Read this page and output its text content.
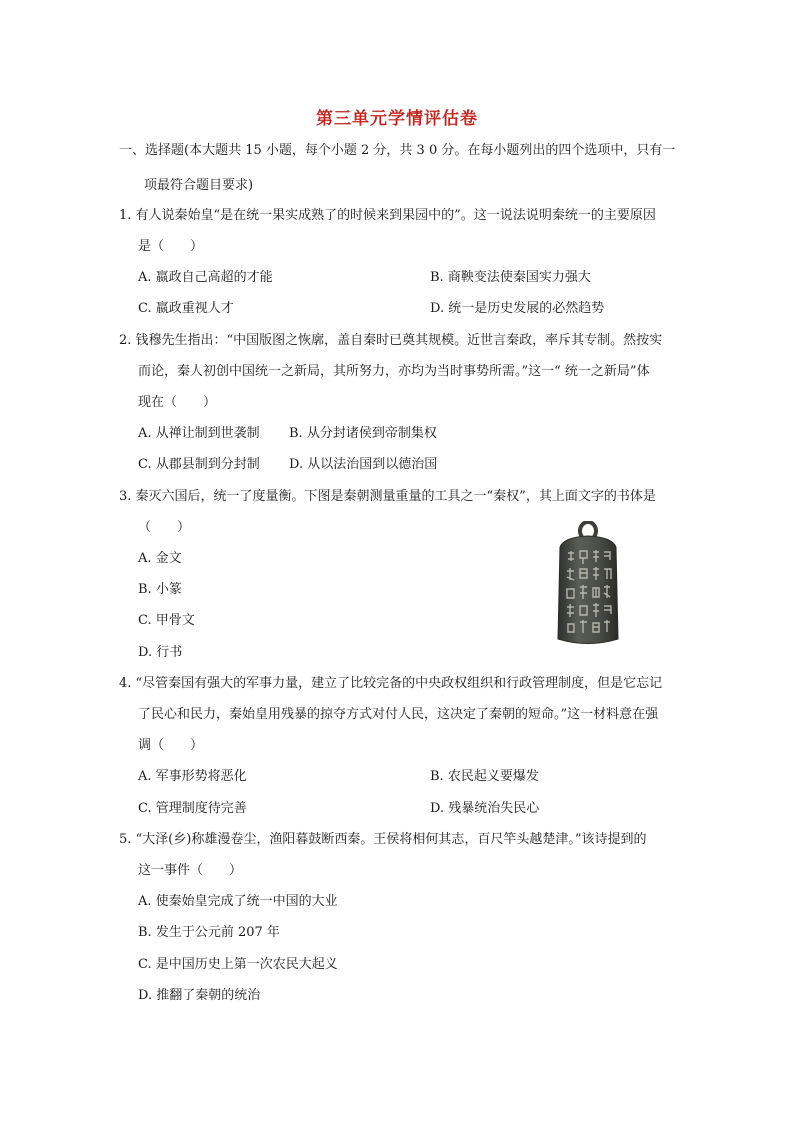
第三单元学情评估卷
一、选择题(本大题共 15 小题，每个小题 2 分，共 3 0 分。在每小题列出的四个选项中，只有一
项最符合题目要求)
1. 有人说秦始皇“是在统一果实成熟了的时候来到果园中的”。这一说法说明秦统一的主要原因
是（　　）
A. 嬴政自己高超的才能	B. 商鞅变法使秦国实力强大
C. 嬴政重视人才	D. 统一是历史发展的必然趋势
2. 钱穆先生指出：“中国版图之恢廓，盖自秦时已奠其规模。近世言秦政，率斥其专制。然按实
而论，秦人初创中国统一之新局，其所努力，亦均为当时事势所需。”这一“ 统一之新局”体
现在（　　）
A. 从禅让制到世袭制 B. 从分封诸侯到帝制集权
C. 从郡县制到分封制 D. 从以法治国到以德治国
3. 秦灭六国后，统一了度量衡。下图是秦朝测量重量的工具之一“秦权”，其上面文字的书体是
（　　）
A. 金文
B. 小篆
C. 甲骨文
D. 行书
4. “尽管秦国有强大的军事力量，建立了比较完备的中央政权组织和行政管理制度，但是它忘记
了民心和民力，秦始皇用残暴的掠夺方式对付人民，这决定了秦朝的短命。”这一材料意在强
调（　　）
A. 军事形势将恶化	B. 农民起义要爆发
C. 管理制度待完善	D. 残暴统治失民心
5. “大泽(乡)称雄漫卷尘，渔阳暮鼓断西秦。王侯将相何其志，百尺竿头越楚津。”该诗提到的
这一事件（　　）
A. 使秦始皇完成了统一中国的大业
B. 发生于公元前 207 年
C. 是中国历史上第一次农民大起义
D. 推翻了秦朝的统治
